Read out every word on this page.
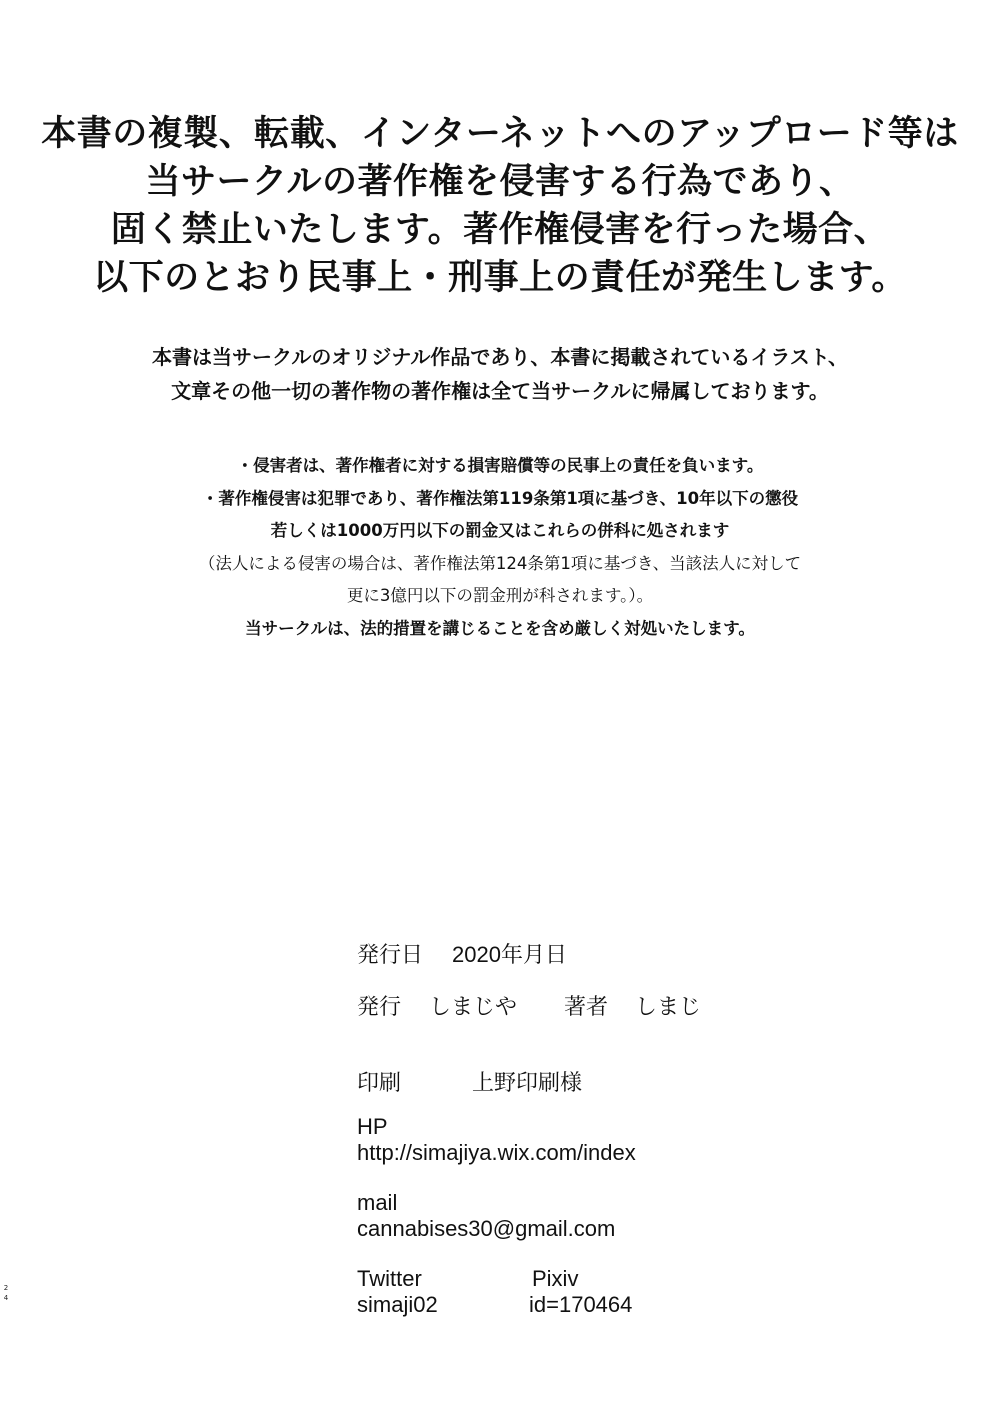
本書の複製、転載、インターネットへのアップロード等は
当サークルの著作権を侵害する行為であり、
固く禁止いたします。著作権侵害を行った場合、
以下のとおり民事上・刑事上の責任が発生します。
本書は当サークルのオリジナル作品であり、本書に掲載されているイラスト、
文章その他一切の著作物の著作権は全て当サークルに帰属しております。
・侵害者は、著作権者に対する損害賠償等の民事上の責任を負います。
・著作権侵害は犯罪であり、著作権法第119条第1項に基づき、10年以下の懲役
若しくは1000万円以下の罰金又はこれらの併科に処されます
（法人による侵害の場合は、著作権法第124条第1項に基づき、当該法人に対して
更に3億円以下の罰金刑が科されます。）。
当サークルは、法的措置を講じることを含め厳しく対処いたします。
発行日 2020年月日
発行 しまじや 著者 しまじ
印刷	上野印刷様
HP
http://simajiya.wix.com/index
mail
cannabises30@gmail.com
Twitter	Pixiv
simaji02	id=170464
2
4
